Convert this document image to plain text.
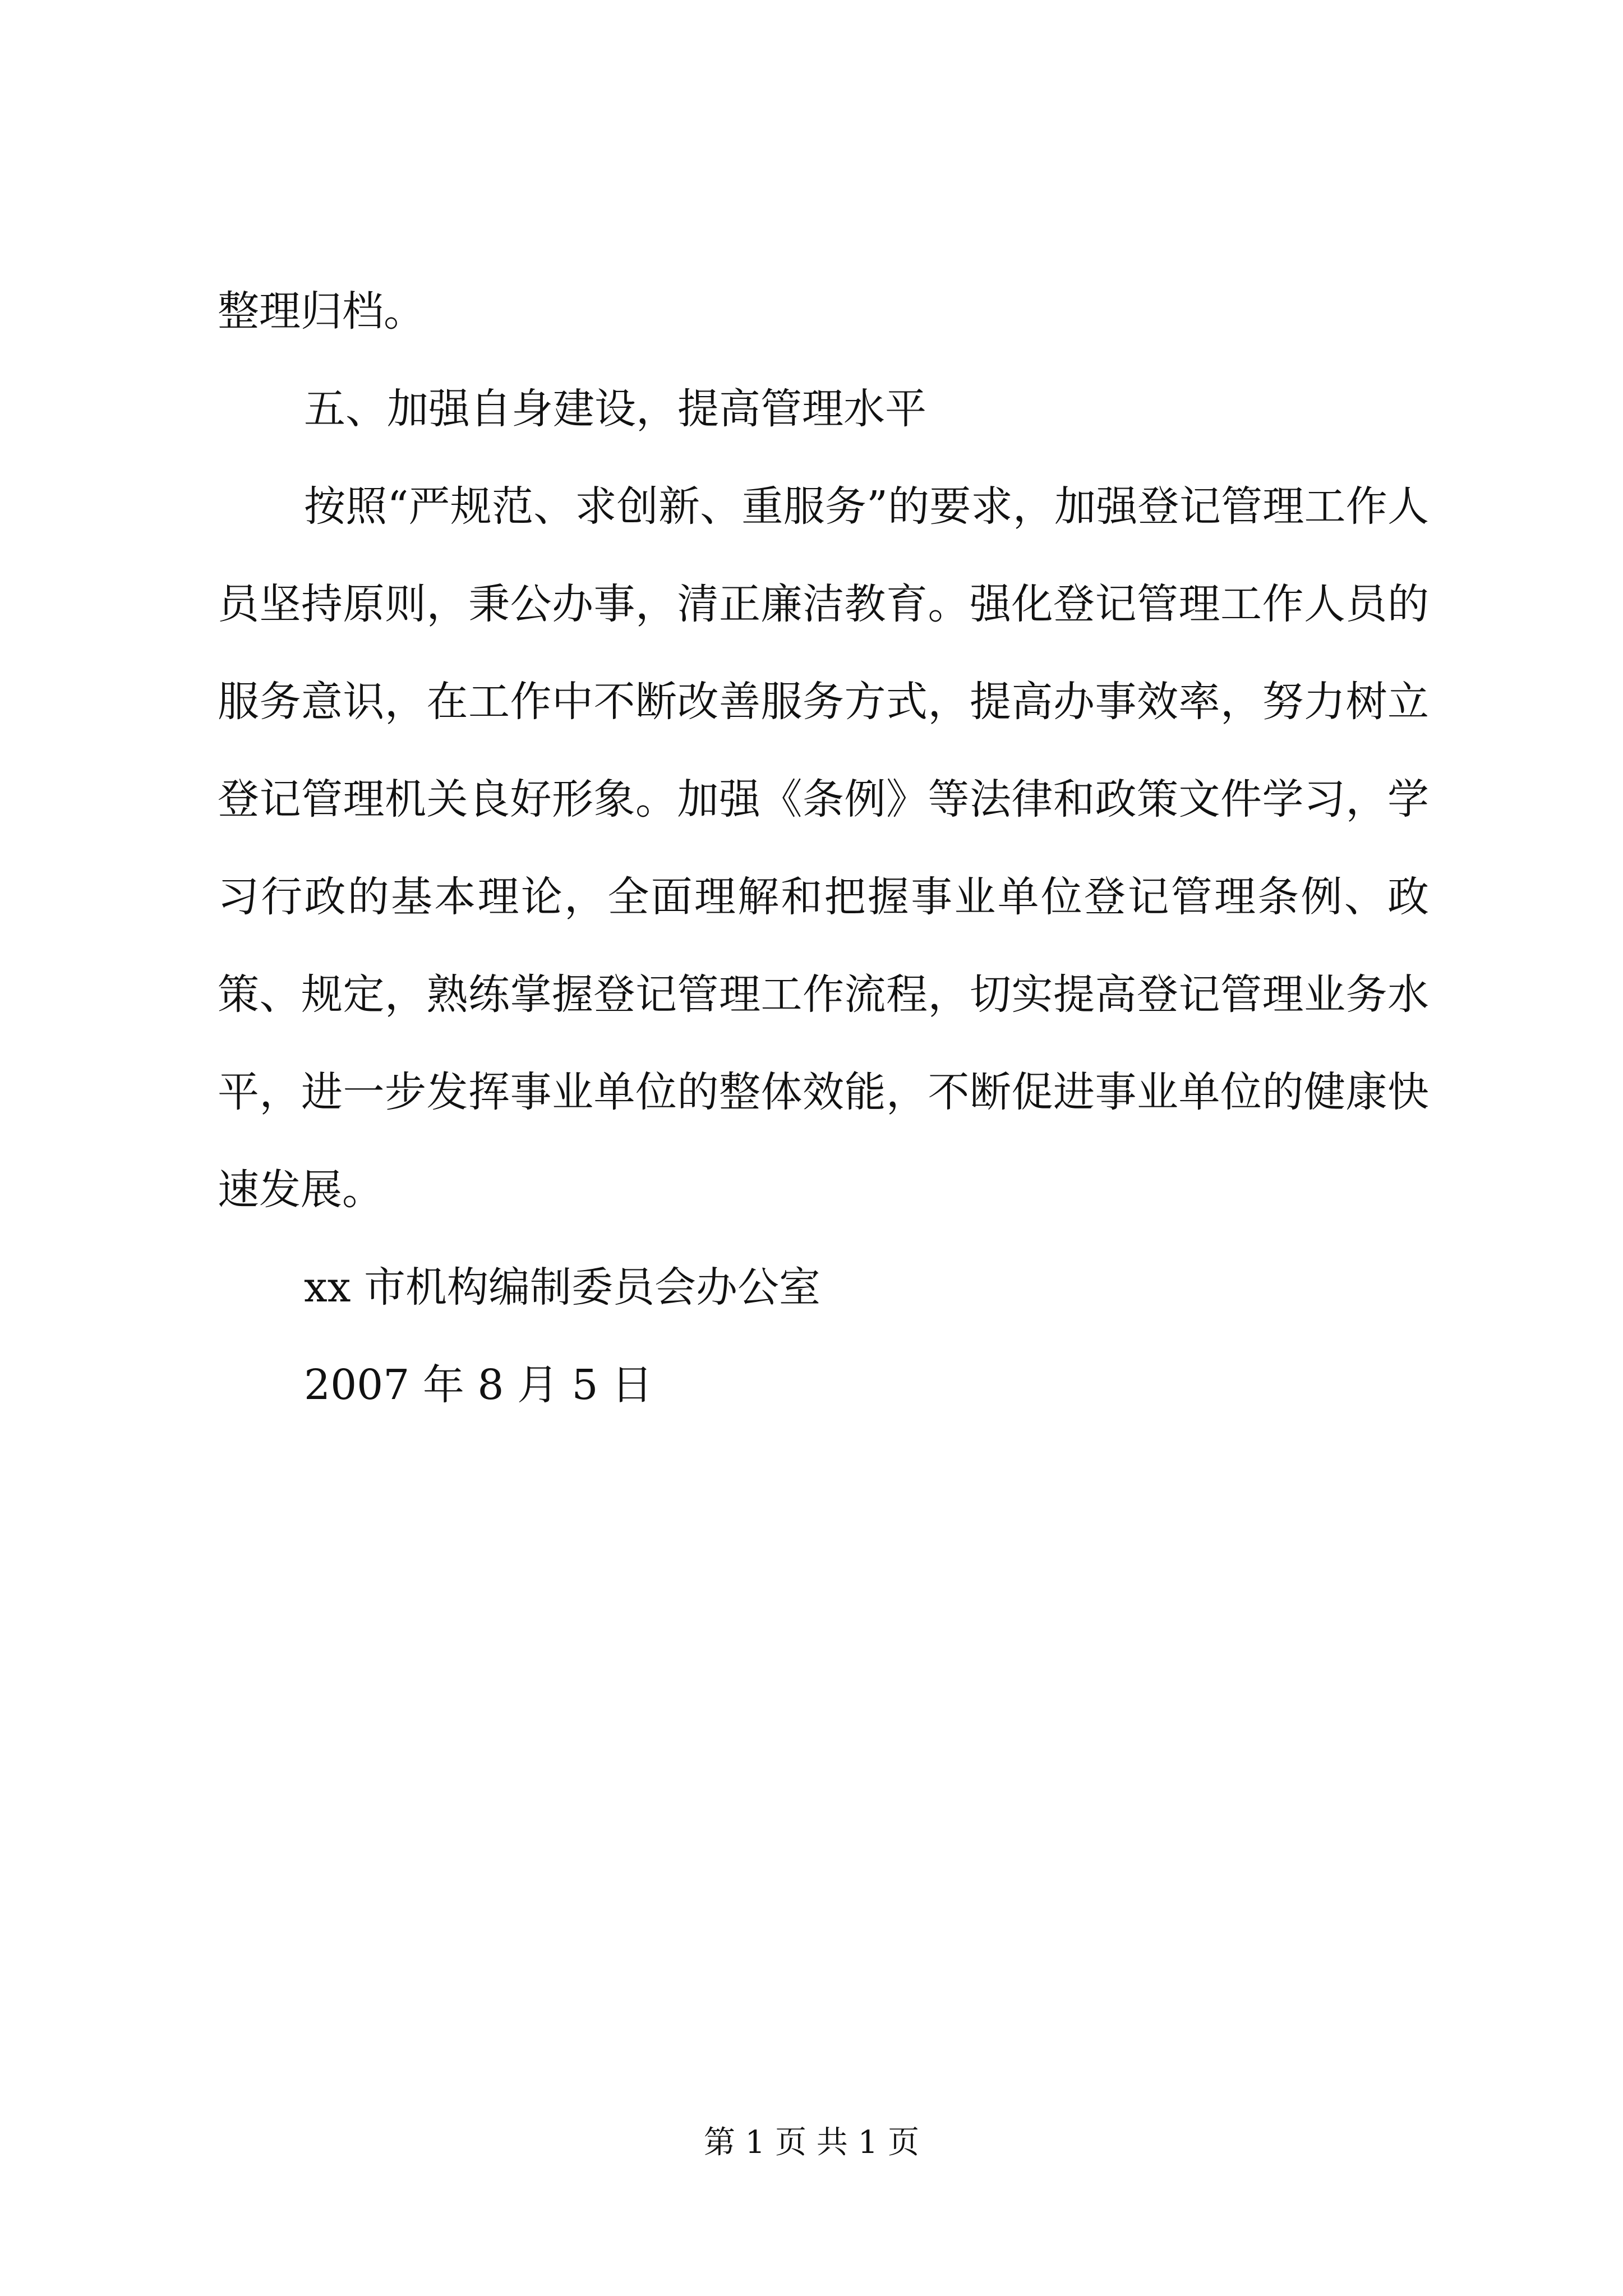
整理归档。

五、加强自身建设，提高管理水平

按照“严规范、求创新、重服务”的要求，加强登记管理工作人员坚持原则，秉公办事，清正廉洁教育。强化登记管理工作人员的服务意识，在工作中不断改善服务方式，提高办事效率，努力树立登记管理机关良好形象。加强《条例》等法律和政策文件学习，学习行政的基本理论，全面理解和把握事业单位登记管理条例、政策、规定，熟练掌握登记管理工作流程，切实提高登记管理业务水平，进一步发挥事业单位的整体效能，不断促进事业单位的健康快速发展。

xx 市机构编制委员会办公室

2007 年 8 月 5 日

第 1 页 共 1 页
